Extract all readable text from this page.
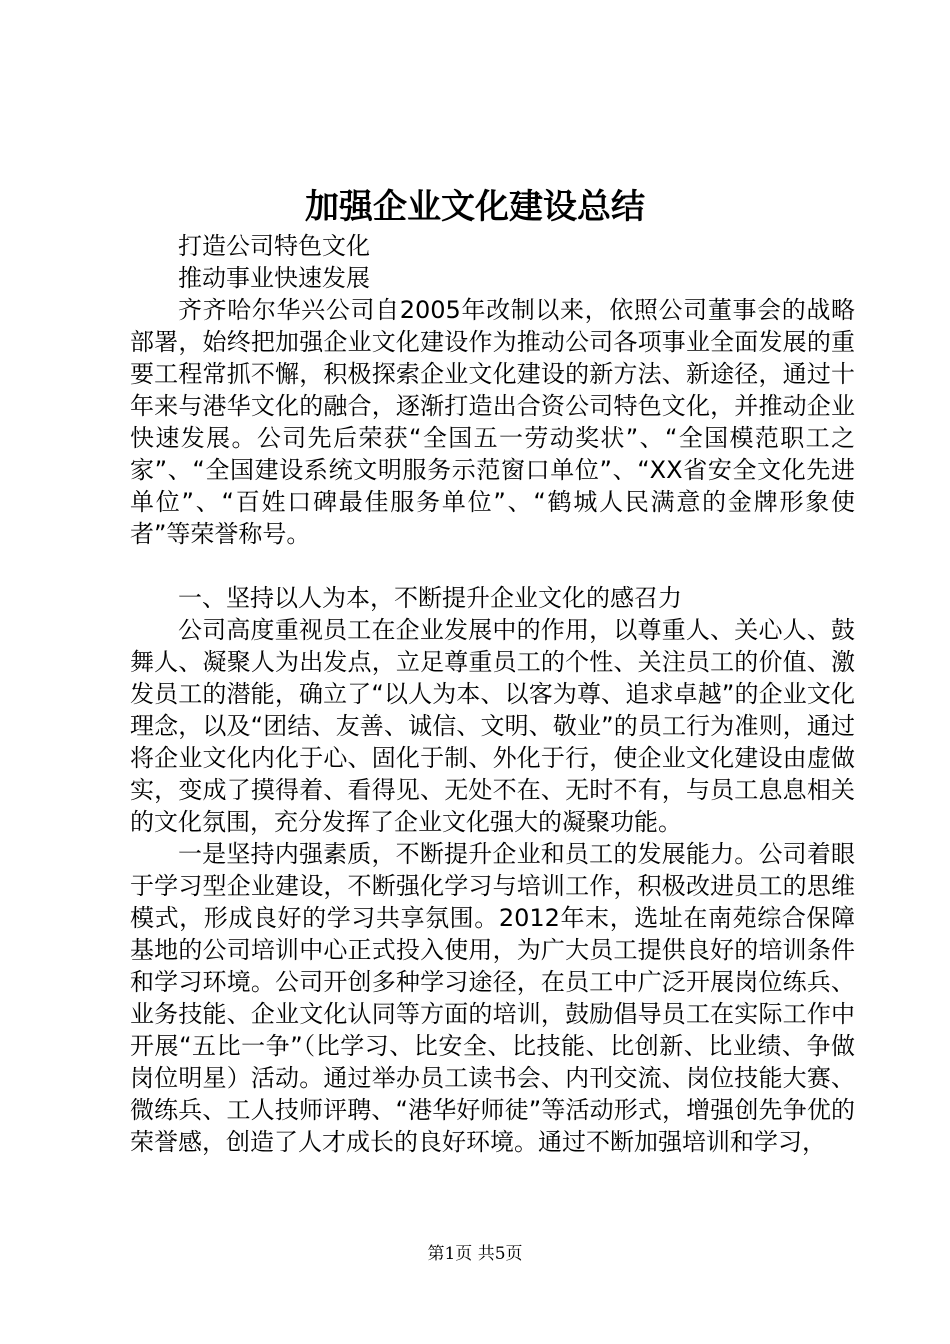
加强企业文化建设总结

打造公司特色文化

推动事业快速发展

齐齐哈尔华兴公司自2005年改制以来，依照公司董事会的战略部署，始终把加强企业文化建设作为推动公司各项事业全面发展的重要工程常抓不懈，积极探索企业文化建设的新方法、新途径，通过十年来与港华文化的融合，逐渐打造出合资公司特色文化，并推动企业快速发展。公司先后荣获“全国五一劳动奖状”、“全国模范职工之家”、“全国建设系统文明服务示范窗口单位”、“XX省安全文化先进单位”、“百姓口碑最佳服务单位”、“鹤城人民满意的金牌形象使者”等荣誉称号。

一、坚持以人为本，不断提升企业文化的感召力

公司高度重视员工在企业发展中的作用，以尊重人、关心人、鼓舞人、凝聚人为出发点，立足尊重员工的个性、关注员工的价值、激发员工的潜能，确立了“以人为本、以客为尊、追求卓越”的企业文化理念，以及“团结、友善、诚信、文明、敬业”的员工行为准则，通过将企业文化内化于心、固化于制、外化于行，使企业文化建设由虚做实，变成了摸得着、看得见、无处不在、无时不有，与员工息息相关的文化氛围，充分发挥了企业文化强大的凝聚功能。

一是坚持内强素质，不断提升企业和员工的发展能力。公司着眼于学习型企业建设，不断强化学习与培训工作，积极改进员工的思维模式，形成良好的学习共享氛围。2012年末，选址在南苑综合保障基地的公司培训中心正式投入使用，为广大员工提供良好的培训条件和学习环境。公司开创多种学习途径，在员工中广泛开展岗位练兵、业务技能、企业文化认同等方面的培训，鼓励倡导员工在实际工作中开展“五比一争”（比学习、比安全、比技能、比创新、比业绩、争做岗位明星）活动。通过举办员工读书会、内刊交流、岗位技能大赛、微练兵、工人技师评聘、“港华好师徒”等活动形式，增强创先争优的荣誉感，创造了人才成长的良好环境。通过不断加强培训和学习，

第1页 共5页
